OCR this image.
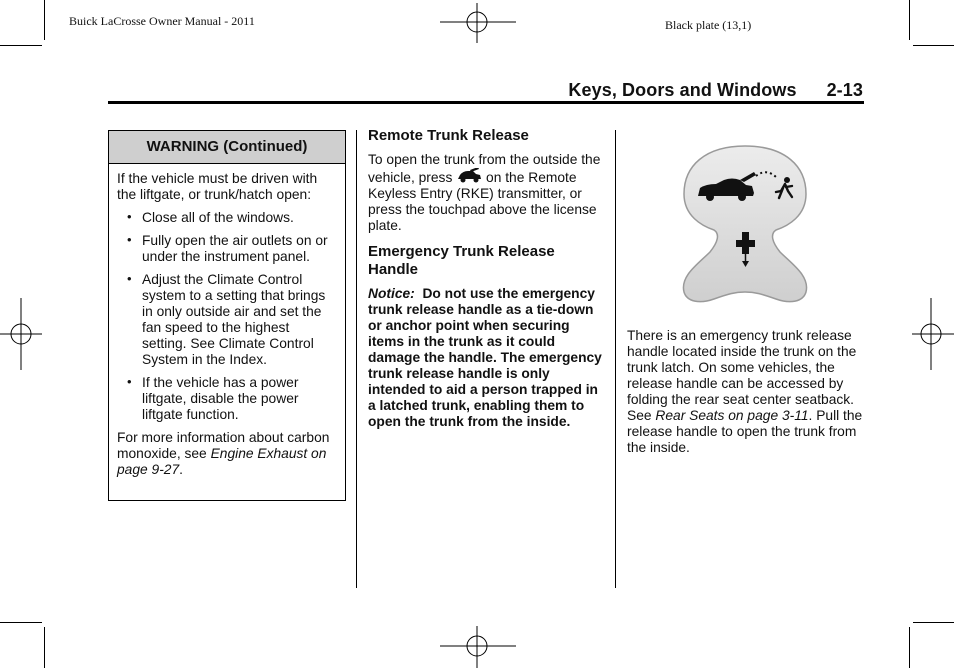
Buick LaCrosse Owner Manual - 2011	Black plate (13,1)
Keys, Doors and Windows 2-13
WARNING (Continued)

If the vehicle must be driven with the liftgate, or trunk/hatch open:

• Close all of the windows.
• Fully open the air outlets on or under the instrument panel.
• Adjust the Climate Control system to a setting that brings in only outside air and set the fan speed to the highest setting. See Climate Control System in the Index.
• If the vehicle has a power liftgate, disable the power liftgate function.

For more information about carbon monoxide, see Engine Exhaust on page 9-27.

Remote Trunk Release

To open the trunk from the outside the vehicle, press on the Remote Keyless Entry (RKE) transmitter, or press the touchpad above the license plate.

Emergency Trunk Release Handle

Notice: Do not use the emergency trunk release handle as a tie-down or anchor point when securing items in the trunk as it could damage the handle. The emergency trunk release handle is only intended to aid a person trapped in a latched trunk, enabling them to open the trunk from the inside.

There is an emergency trunk release handle located inside the trunk on the trunk latch. On some vehicles, the release handle can be accessed by folding the rear seat center seatback. See Rear Seats on page 3-11. Pull the release handle to open the trunk from the inside.
